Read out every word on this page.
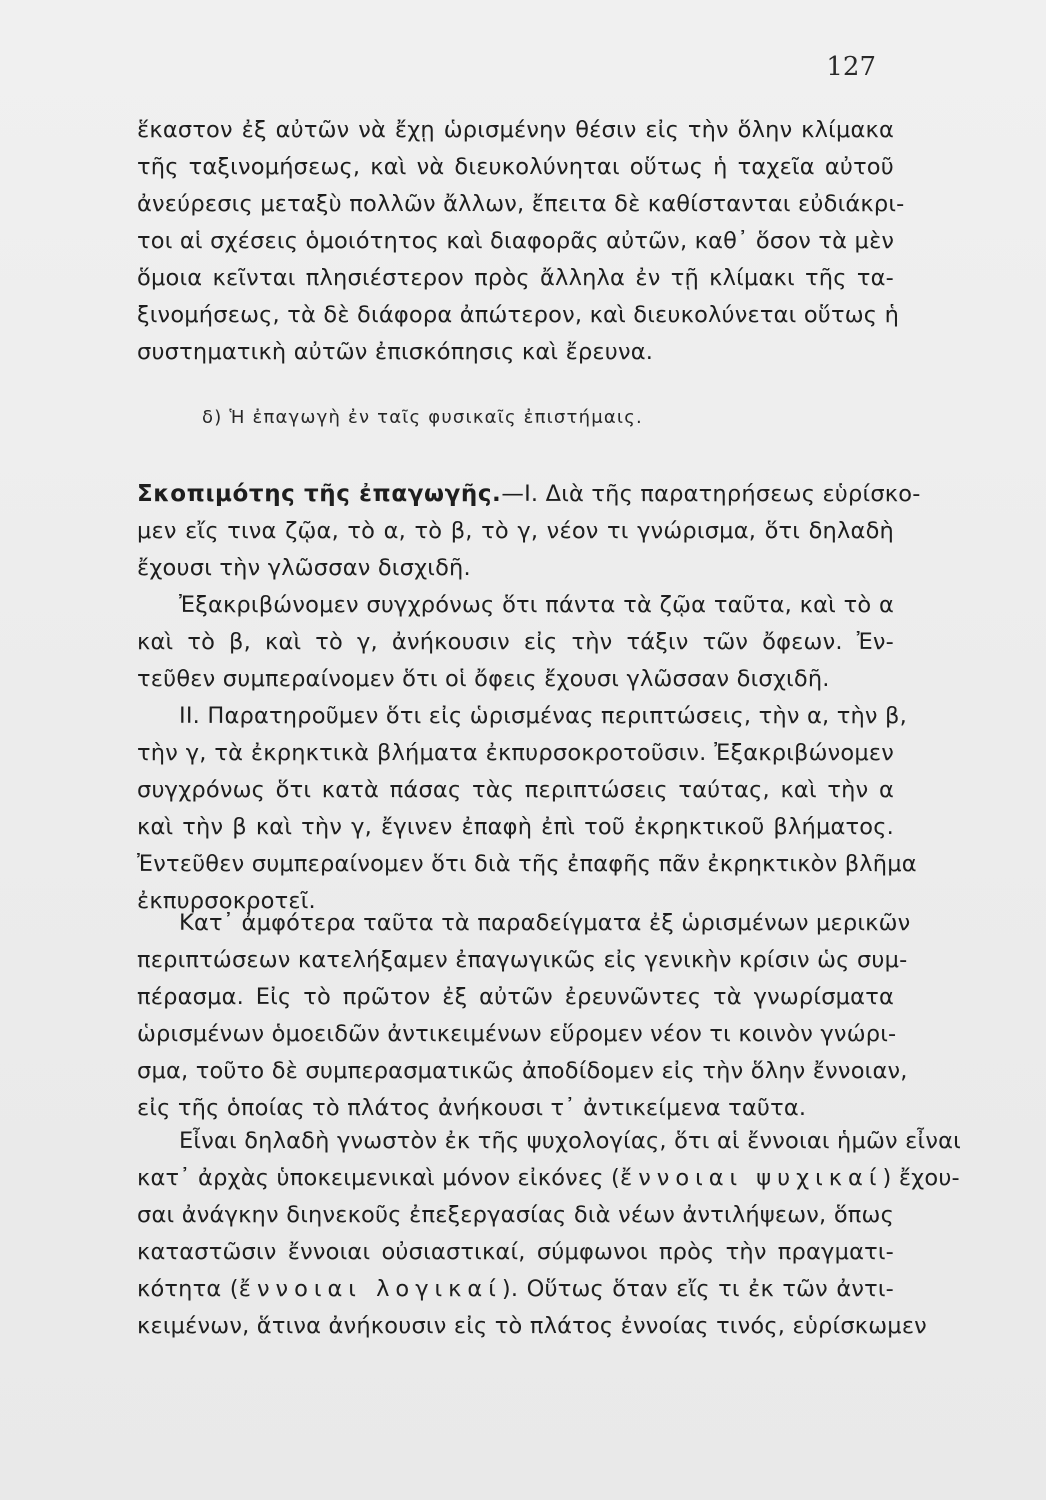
127
ἕκαστον ἐξ αὐτῶν νὰ ἔχῃ ὡρισμένην θέσιν εἰς τὴν ὅλην κλίμακα
τῆς ταξινομήσεως, καὶ νὰ διευκολύνηται οὕτως ἡ ταχεῖα αὐτοῦ
ἀνεύρεσις μεταξὺ πολλῶν ἄλλων, ἔπειτα δὲ καθίστανται εὐδιάκρι-
τοι αἱ σχέσεις ὁμοιότητος καὶ διαφορᾶς αὐτῶν, καθ᾽ ὅσον τὰ μὲν
ὅμοια κεῖνται πλησιέστερον πρὸς ἄλληλα ἐν τῇ κλίμακι τῆς τα-
ξινομήσεως, τὰ δὲ διάφορα ἀπώτερον, καὶ διευκολύνεται οὕτως ἡ
συστηματικὴ αὐτῶν ἐπισκόπησις καὶ ἔρευνα.
δ) Ἡ ἐπαγωγὴ ἐν ταῖς φυσικαῖς ἐπιστήμαις.
Σκοπιμότης τῆς ἐπαγωγῆς.—Ι. Διὰ τῆς παρατηρήσεως εὑρίσκο-
μεν εἴς τινα ζῷα, τὸ α, τὸ β, τὸ γ, νέον τι γνώρισμα, ὅτι δηλαδὴ
ἔχουσι τὴν γλῶσσαν δισχιδῆ.
Ἐξακριβώνομεν συγχρόνως ὅτι πάντα τὰ ζῷα ταῦτα, καὶ τὸ α
καὶ τὸ β, καὶ τὸ γ, ἀνήκουσιν εἰς τὴν τάξιν τῶν ὄφεων. Ἐν-
τεῦθεν συμπεραίνομεν ὅτι οἱ ὄφεις ἔχουσι γλῶσσαν δισχιδῆ.
ΙΙ. Παρατηροῦμεν ὅτι εἰς ὡρισμένας περιπτώσεις, τὴν α, τὴν β,
τὴν γ, τὰ ἐκρηκτικὰ βλήματα ἐκπυρσοκροτοῦσιν. Ἐξακριβώνομεν
συγχρόνως ὅτι κατὰ πάσας τὰς περιπτώσεις ταύτας, καὶ τὴν α
καὶ τὴν β καὶ τὴν γ, ἔγινεν ἐπαφὴ ἐπὶ τοῦ ἐκρηκτικοῦ βλήματος.
Ἐντεῦθεν συμπεραίνομεν ὅτι διὰ τῆς ἐπαφῆς πᾶν ἐκρηκτικὸν βλῆμα
ἐκπυρσοκροτεῖ.
Κατ᾽ ἀμφότερα ταῦτα τὰ παραδείγματα ἐξ ὡρισμένων μερικῶν
περιπτώσεων κατελήξαμεν ἐπαγωγικῶς εἰς γενικὴν κρίσιν ὡς συμ-
πέρασμα. Εἰς τὸ πρῶτον ἐξ αὐτῶν ἐρευνῶντες τὰ γνωρίσματα
ὡρισμένων ὁμοειδῶν ἀντικειμένων εὕρομεν νέον τι κοινὸν γνώρι-
σμα, τοῦτο δὲ συμπερασματικῶς ἀποδίδομεν εἰς τὴν ὅλην ἔννοιαν,
εἰς τῆς ὁποίας τὸ πλάτος ἀνήκουσι τ᾽ ἀντικείμενα ταῦτα.
Εἶναι δηλαδὴ γνωστὸν ἐκ τῆς ψυχολογίας, ὅτι αἱ ἔννοιαι ἡμῶν εἶναι
κατ᾽ ἀρχὰς ὑποκειμενικαὶ μόνον εἰκόνες (ἔννοιαι ψυχικαί) ἔχου-
σαι ἀνάγκην διηνεκοῦς ἐπεξεργασίας διὰ νέων ἀντιλήψεων, ὅπως
καταστῶσιν ἔννοιαι οὐσιαστικαί, σύμφωνοι πρὸς τὴν πραγματι-
κότητα (ἔννοιαι λογικαί). Οὕτως ὅταν εἴς τι ἐκ τῶν ἀντι-
κειμένων, ἅτινα ἀνήκουσιν εἰς τὸ πλάτος ἐννοίας τινός, εὑρίσκωμεν
